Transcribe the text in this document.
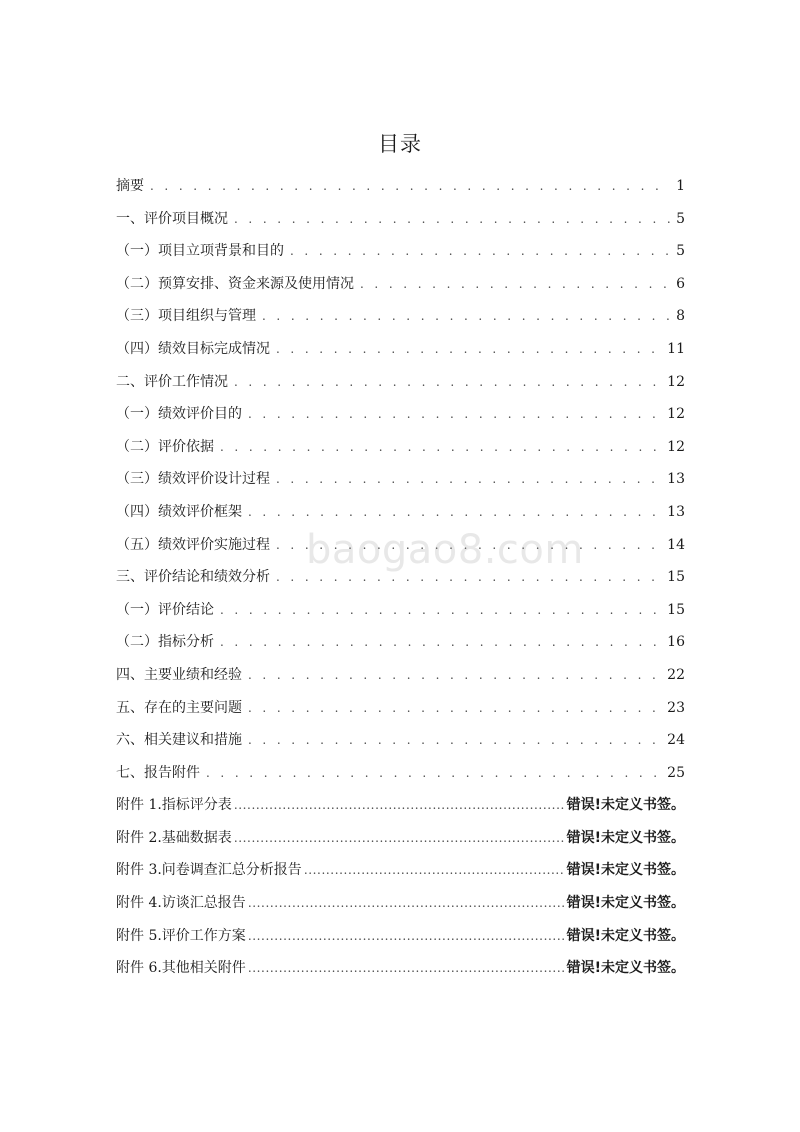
目录
摘要 . . .	1
一、评价项目概况 . . .	5
（一）项目立项背景和目的 . . .	5
（二）预算安排、资金来源及使用情况 . . .	6
（三）项目组织与管理 . . .	8
（四）绩效目标完成情况 . . .	11
二、评价工作情况 . . .	12
（一）绩效评价目的 . . .	12
（二）评价依据 . . .	12
（三）绩效评价设计过程 . . .	13
（四）绩效评价框架 . . .	13
（五）绩效评价实施过程 . . .	14
三、评价结论和绩效分析 . . .	15
（一）评价结论 . . .	15
（二）指标分析 . . .	16
四、主要业绩和经验 . . .	22
五、存在的主要问题 . . .	23
六、相关建议和措施 . . .	24
七、报告附件 . . .	25
附件 1.指标评分表 .....	错误!未定义书签。
附件 2.基础数据表 .....	错误!未定义书签。
附件 3.问卷调查汇总分析报告 .....	错误!未定义书签。
附件 4.访谈汇总报告 .....	错误!未定义书签。
附件 5.评价工作方案 .....	错误!未定义书签。
附件 6.其他相关附件 .....	错误!未定义书签。
baogao8.com
